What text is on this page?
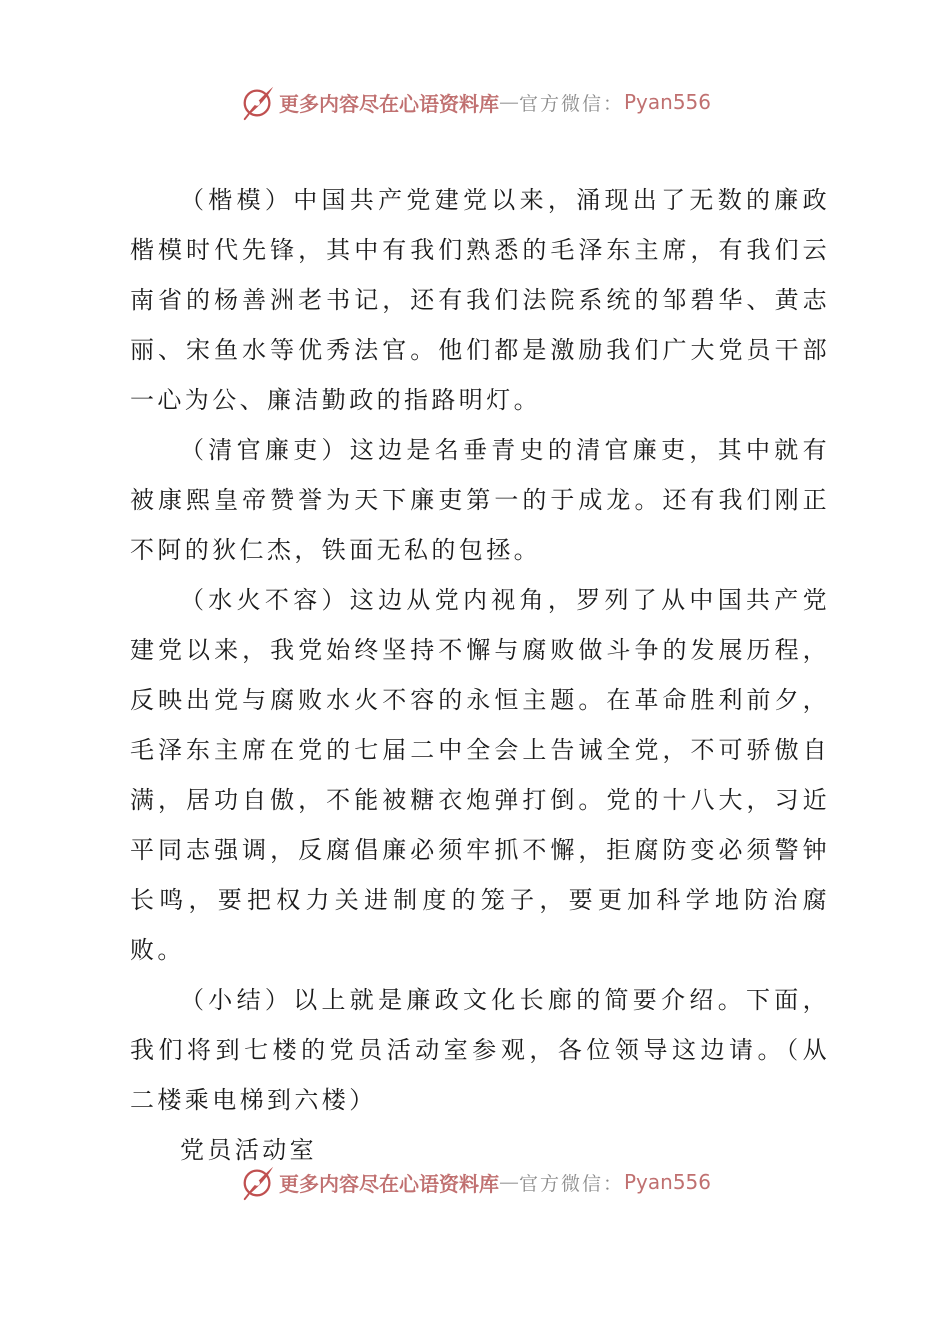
更多内容尽在心语资料库 — 官方微信： Pyan556

（楷模）中国共产党建党以来，涌现出了无数的廉政楷模时代先锋，其中有我们熟悉的毛泽东主席，有我们云南省的杨善洲老书记，还有我们法院系统的邹碧华、黄志丽、宋鱼水等优秀法官。他们都是激励我们广大党员干部一心为公、廉洁勤政的指路明灯。

（清官廉吏）这边是名垂青史的清官廉吏，其中就有被康熙皇帝赞誉为天下廉吏第一的于成龙。还有我们刚正不阿的狄仁杰，铁面无私的包拯。

（水火不容）这边从党内视角，罗列了从中国共产党建党以来，我党始终坚持不懈与腐败做斗争的发展历程，反映出党与腐败水火不容的永恒主题。在革命胜利前夕，毛泽东主席在党的七届二中全会上告诫全党，不可骄傲自满，居功自傲，不能被糖衣炮弹打倒。党的十八大，习近平同志强调，反腐倡廉必须牢抓不懈，拒腐防变必须警钟长鸣，要把权力关进制度的笼子，要更加科学地防治腐败。

（小结）以上就是廉政文化长廊的简要介绍。下面，我们将到七楼的党员活动室参观，各位领导这边请。（从二楼乘电梯到六楼）

党员活动室

更多内容尽在心语资料库 — 官方微信： Pyan556
